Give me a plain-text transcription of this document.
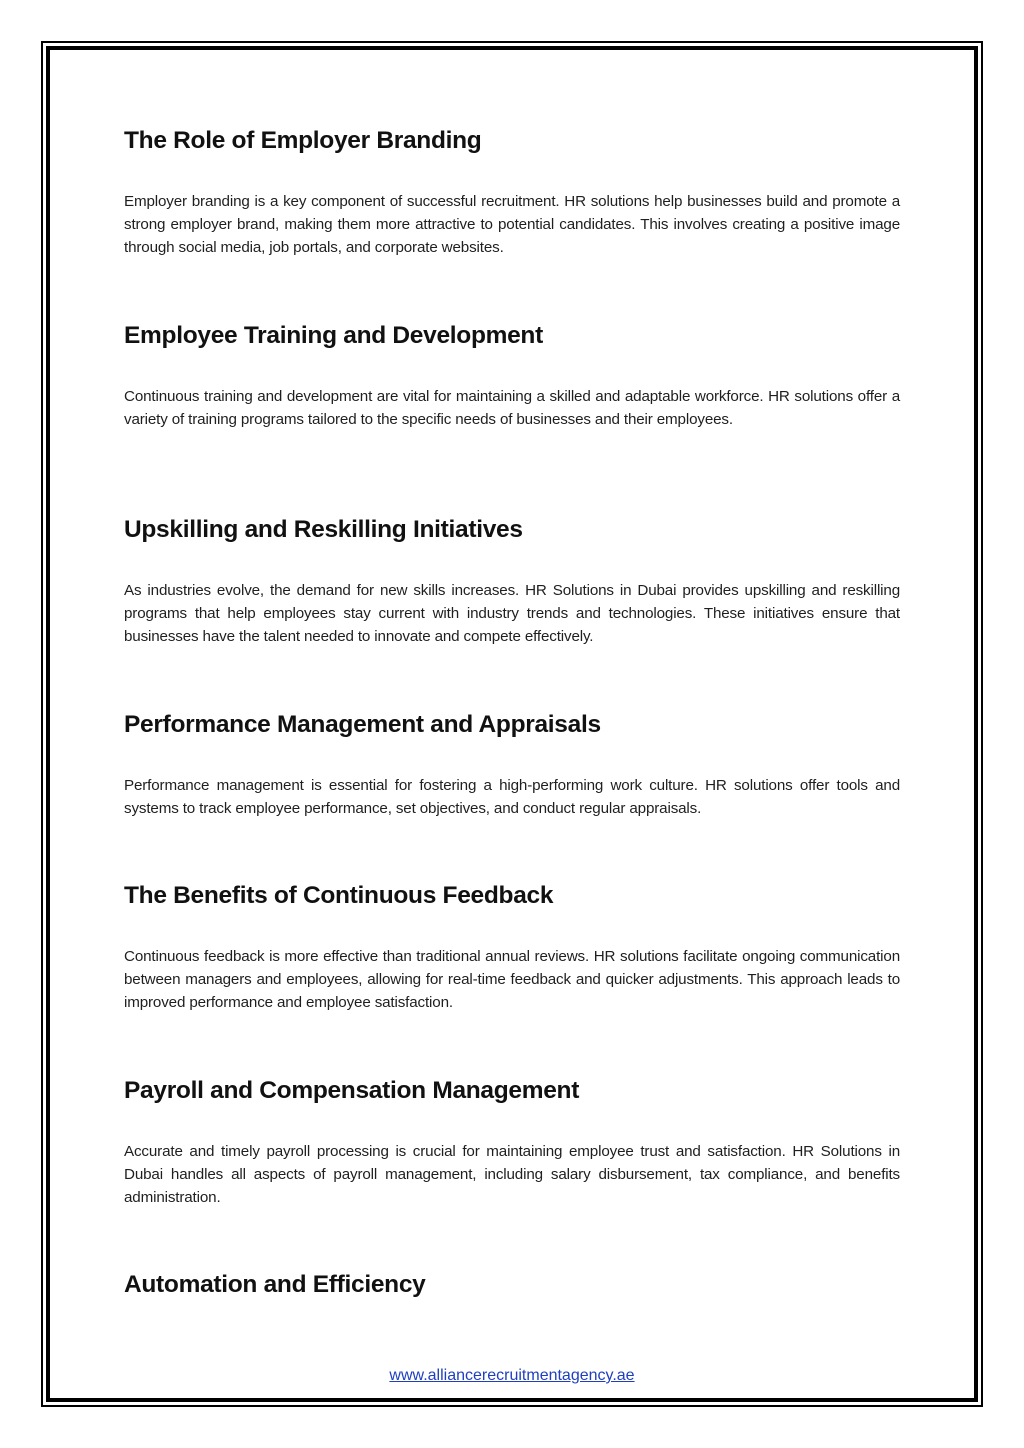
The Role of Employer Branding

Employer branding is a key component of successful recruitment. HR solutions help businesses build and promote a strong employer brand, making them more attractive to potential candidates. This involves creating a positive image through social media, job portals, and corporate websites.

Employee Training and Development

Continuous training and development are vital for maintaining a skilled and adaptable workforce. HR solutions offer a variety of training programs tailored to the specific needs of businesses and their employees.

Upskilling and Reskilling Initiatives

As industries evolve, the demand for new skills increases. HR Solutions in Dubai provides upskilling and reskilling programs that help employees stay current with industry trends and technologies. These initiatives ensure that businesses have the talent needed to innovate and compete effectively.

Performance Management and Appraisals

Performance management is essential for fostering a high-performing work culture. HR solutions offer tools and systems to track employee performance, set objectives, and conduct regular appraisals.

The Benefits of Continuous Feedback

Continuous feedback is more effective than traditional annual reviews. HR solutions facilitate ongoing communication between managers and employees, allowing for real-time feedback and quicker adjustments. This approach leads to improved performance and employee satisfaction.

Payroll and Compensation Management

Accurate and timely payroll processing is crucial for maintaining employee trust and satisfaction. HR Solutions in Dubai handles all aspects of payroll management, including salary disbursement, tax compliance, and benefits administration.

Automation and Efficiency
www.alliancerecruitmentagency.ae
